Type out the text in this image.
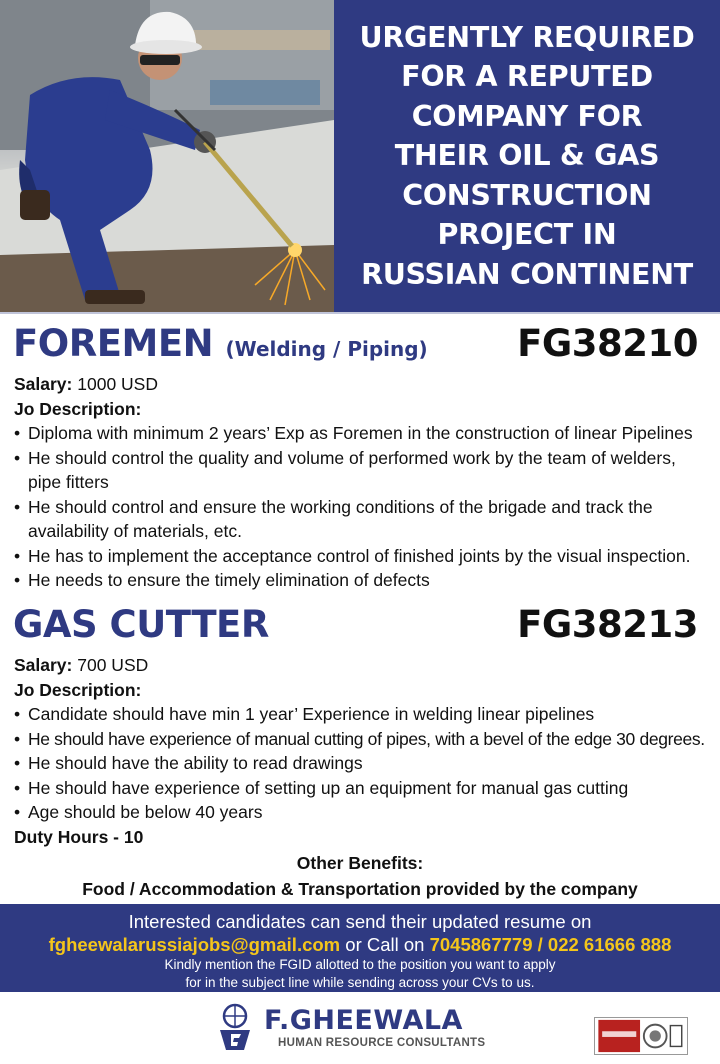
URGENTLY REQUIRED
FOR A REPUTED
COMPANY FOR
THEIR OIL & GAS
CONSTRUCTION
PROJECT IN
RUSSIAN CONTINENT
FOREMEN (Welding / Piping) FG38210
Salary: 1000 USD
Jo Description:
• Diploma with minimum 2 years’ Exp as Foremen in the construction of linear Pipelines
• He should control the quality and volume of performed work by the team of welders, pipe fitters
• He should control and ensure the working conditions of the brigade and track the availability of materials, etc.
• He has to implement the acceptance control of finished joints by the visual inspection.
• He needs to ensure the timely elimination of defects
GAS CUTTER	FG38213
Salary: 700 USD
Jo Description:
• Candidate should have min 1 year’ Experience in welding linear pipelines
• He should have experience of manual cutting of pipes, with a bevel of the edge 30 degrees.
• He should have the ability to read drawings
• He should have experience of setting up an equipment for manual gas cutting
• Age should be below 40 years
Duty Hours - 10
Other Benefits:
Food / Accommodation & Transportation provided by the company
Interested candidates can send their updated resume on
fgheewalarussiajobs@gmail.com or Call on 7045867779 / 022 61666 888
Kindly mention the FGID allotted to the position you want to apply
for in the subject line while sending across your CVs to us.
F.GHEEWALA
HUMAN RESOURCE CONSULTANTS
